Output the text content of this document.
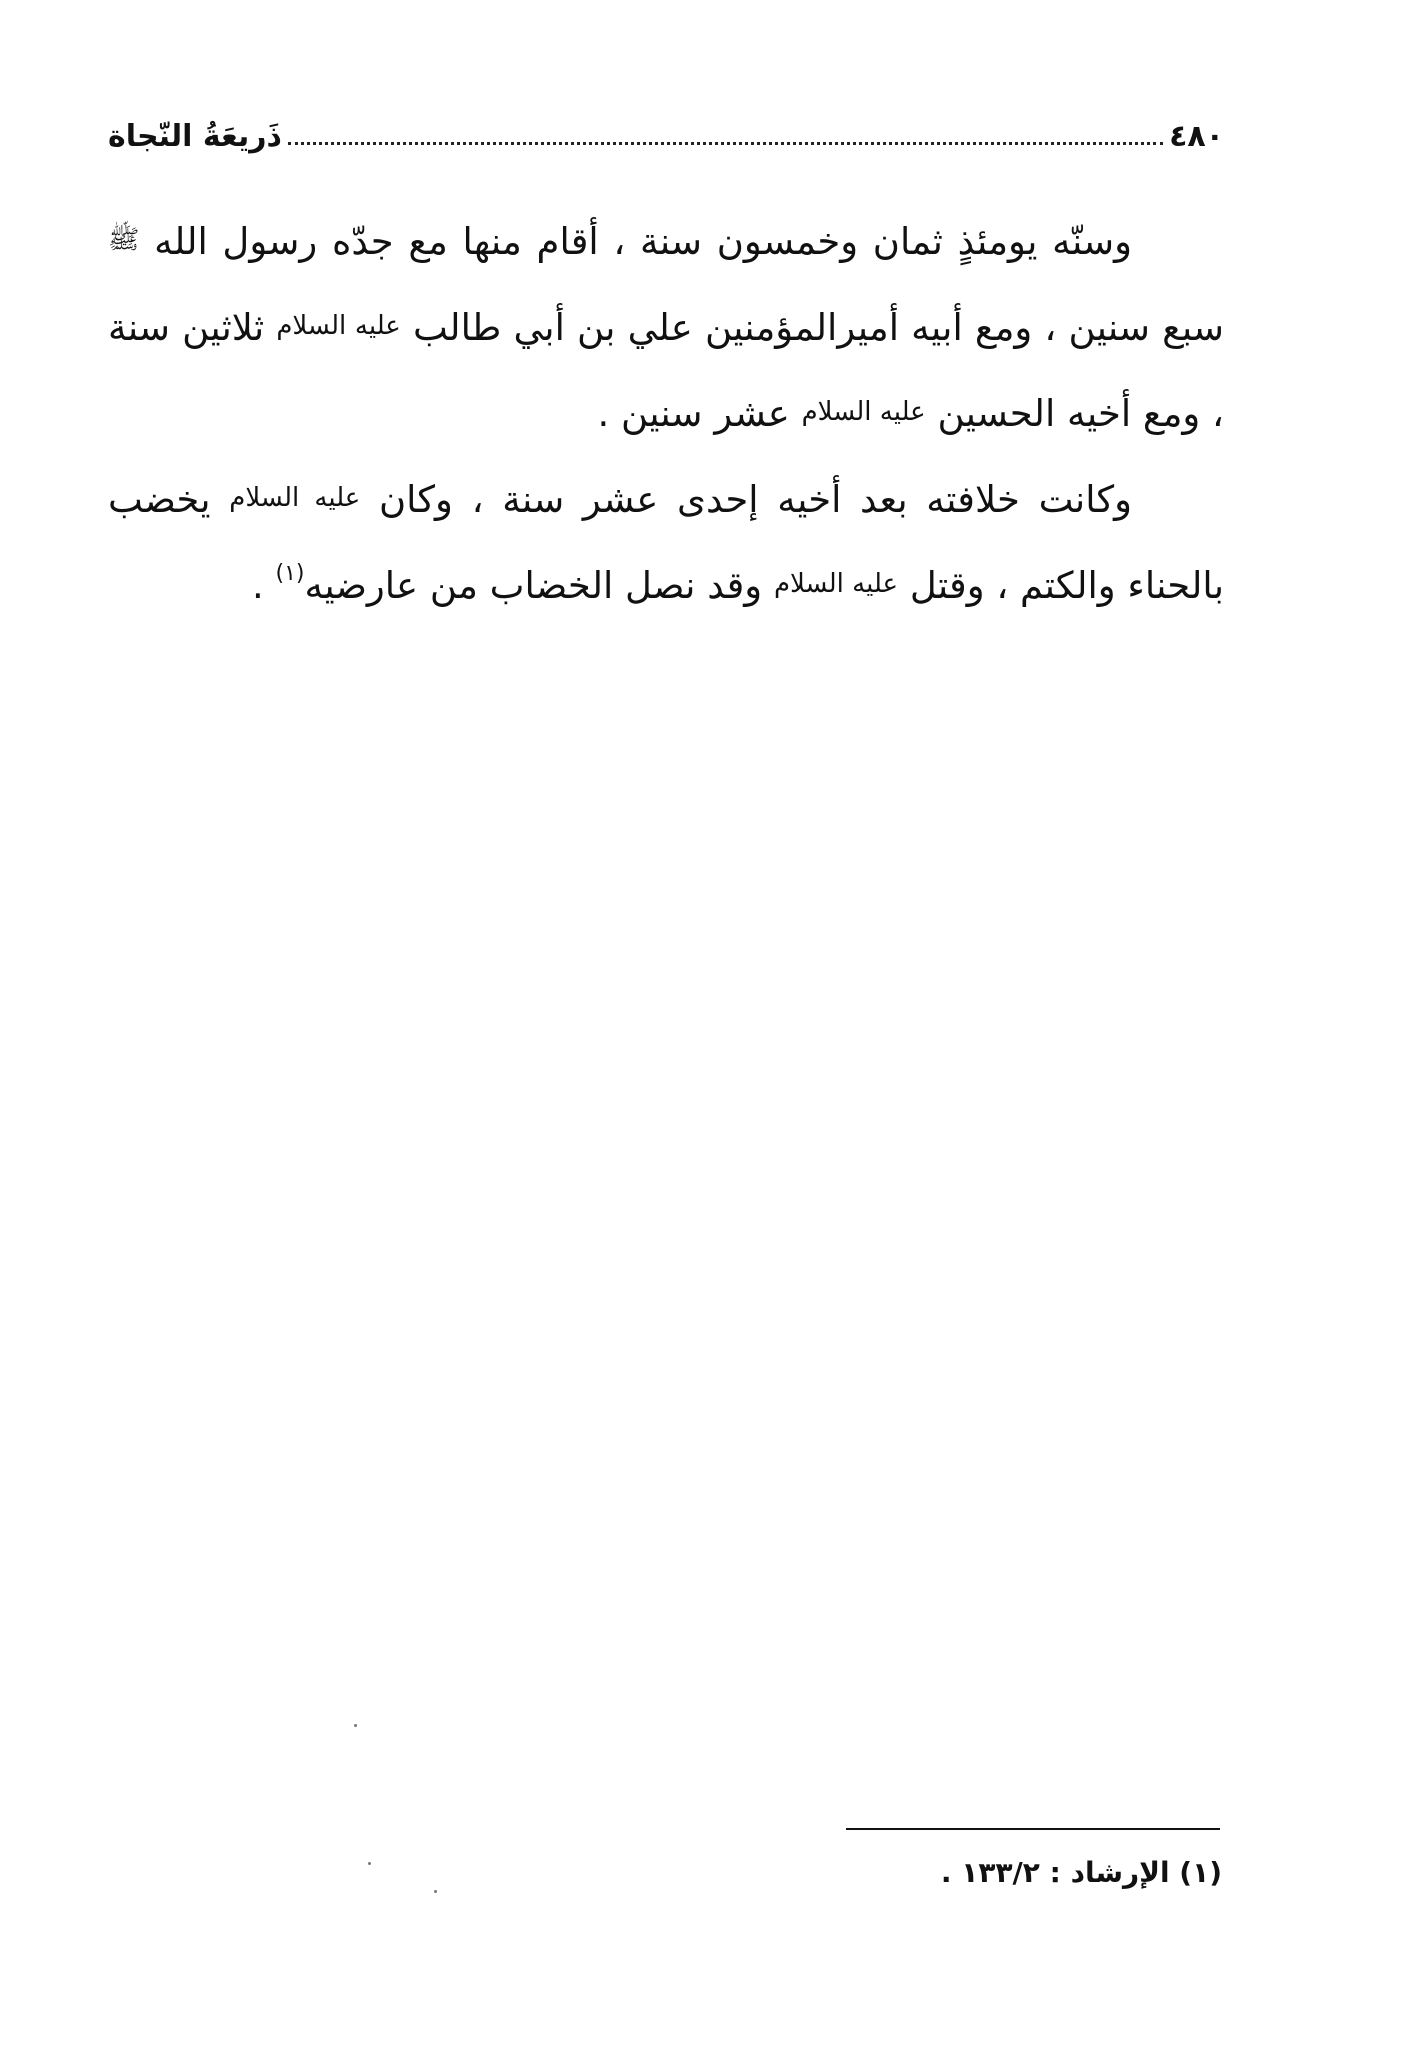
٤٨٠
ذَريعَةُ النّجاة

وسنّه يومئذٍ ثمان وخمسون سنة ، أقام منها مع جدّه رسول الله ﷺ سبع سنين ، ومع أبيه أميرالمؤمنين علي بن أبي طالب عليه السلام ثلاثين سنة ، ومع أخيه الحسين عليه السلام عشر سنين .

وكانت خلافته بعد أخيه إحدى عشر سنة ، وكان عليه السلام يخضب بالحناء والكتم ، وقتل عليه السلام وقد نصل الخضاب من عارضيه$^{(١)}$ .

(١) الإرشاد : ١٣٣/٢ .
